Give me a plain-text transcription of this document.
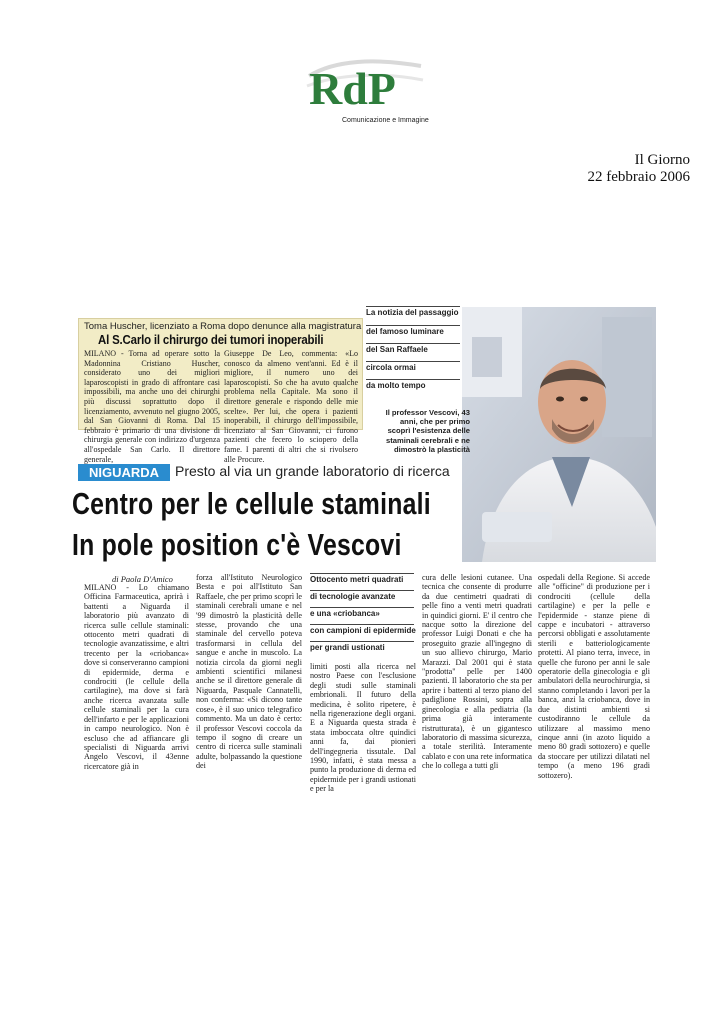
RdP
Comunicazione e Immagine
Il Giorno
22 febbraio 2006
Toma Huscher, licenziato a Roma dopo denunce alla magistratura
Al S.Carlo il chirurgo dei tumori inoperabili
MILANO - Torna ad operare sotto la Madonnina Cristiano Huscher, considerato uno dei migliori laparoscopisti in grado di affrontare casi impossibili, ma anche uno dei chirurghi più discussi soprattutto dopo il licenziamento, avvenuto nel giugno 2005, dal San Giovanni di Roma. Dal 15 febbraio è primario di una divisione di chirurgia generale con indirizzo d'urgenza all'ospedale San Carlo. Il direttore generale,
Giuseppe De Leo, commenta: «Lo conosco da almeno vent'anni. Ed è il migliore, il numero uno dei laparoscopisti. So che ha avuto qualche problema nella Capitale. Ma sono il direttore generale e rispondo delle mie scelte». Per lui, che opera i pazienti inoperabili, il chirurgo dell'impossibile, licenziato al San Giovanni, ci furono pazienti che fecero lo sciopero della fame. I parenti di altri che si rivolsero alle Procure.
La notizia del passaggio
del famoso luminare
del San Raffaele
circola ormai
da molto tempo
Il professor Vescovi, 43 anni, che per primo scoprì l'esistenza delle staminali cerebrali e ne dimostrò la plasticità
NIGUARDA	Presto al via un grande laboratorio di ricerca
Centro per le cellule staminali
In pole position c'è Vescovi
di Paola D'Amico
MILANO - Lo chiamano Officina Farmaceutica, aprirà i battenti a Niguarda il laboratorio più avanzato di ricerca sulle cellule staminali: ottocento metri quadrati di tecnologie avanzatissime, e altri trecento per la «criobanca» dove si conserveranno campioni di epidermide, derma e condrociti (le cellule della cartilagine), ma dove si farà anche ricerca avanzata sulle cellule staminali per la cura dell'infarto e per le applicazioni in campo neurologico. Non è escluso che ad affiancare gli specialisti di Niguarda arrivi Angelo Vescovi, il 43enne ricercatore già in
forza all'Istituto Neurologico Besta e poi all'Istituto San Raffaele, che per primo scoprì le staminali cerebrali umane e nel '99 dimostrò la plasticità delle stesse, provando che una staminale del cervello poteva trasformarsi in cellula del sangue e anche in muscolo. La notizia circola da giorni negli ambienti scientifici milanesi anche se il direttore generale di Niguarda, Pasquale Cannatelli, non conferma: «Si dicono tante cose», è il suo unico telegrafico commento. Ma un dato è certo: il professor Vescovi coccola da tempo il sogno di creare un centro di ricerca sulle staminali adulte, bolpassando la questione dei
Ottocento metri quadrati
di tecnologie avanzate
e una «criobanca»
con campioni di epidermide
per grandi ustionati
limiti posti alla ricerca nel nostro Paese con l'esclusione degli studi sulle staminali embrionali. Il futuro della medicina, è solito ripetere, è nella rigenerazione degli organi. E a Niguarda questa strada è stata imboccata oltre quindici anni fa, dai pionieri dell'ingegneria tissutale. Dal 1990, infatti, è stata messa a punto la produzione di derma ed epidermide per i grandi ustionati e per la
cura delle lesioni cutanee. Una tecnica che consente di produrre da due centimetri quadrati di pelle fino a venti metri quadrati in quindici giorni. E' il centro che nacque sotto la direzione del professor Luigi Donati e che ha proseguito grazie all'ingegno di un suo allievo chirurgo, Mario Marazzi. Dal 2001 qui è stata "prodotta" pelle per 1400 pazienti. Il laboratorio che sta per aprire i battenti al terzo piano del padiglione Rossini, sopra alla ginecologia e alla pediatria (la prima già interamente ristrutturata), è un gigantesco laboratorio di massima sicurezza, a totale sterilità. Interamente cablato e con una rete informatica che lo collega a tutti gli
ospedali della Regione. Si accede alle "officine" di produzione per i condrociti (cellule della cartilagine) e per la pelle e l'epidermide - stanze piene di cappe e incubatori - attraverso percorsi obbligati e assolutamente sterili e batteriologicamente protetti. Al piano terra, invece, in quelle che furono per anni le sale operatorie della ginecologia e gli ambulatori della neurochirurgia, si stanno completando i lavori per la banca, anzi la criobanca, dove in due distinti ambienti si custodiranno le cellule da utilizzare al massimo meno cinque anni (in azoto liquido a meno 80 gradi sottozero) e quelle da stoccare per utilizzi dilatati nel tempo (a meno 196 gradi sottozero).
